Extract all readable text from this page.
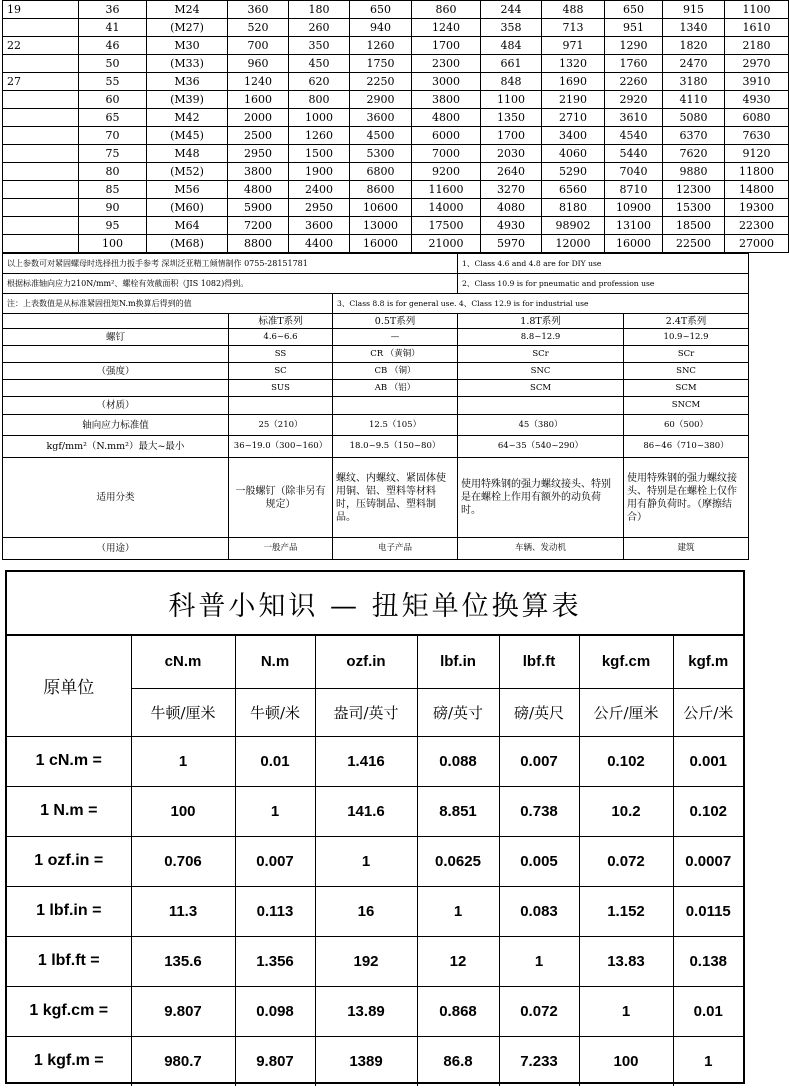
19	36	M24	360	180	650	860	244	488	650	915	1100
	41	(M27)	520	260	940	1240	358	713	951	1340	1610
22	46	M30	700	350	1260	1700	484	971	1290	1820	2180
	50	(M33)	960	450	1750	2300	661	1320	1760	2470	2970
27	55	M36	1240	620	2250	3000	848	1690	2260	3180	3910
	60	(M39)	1600	800	2900	3800	1100	2190	2920	4110	4930
	65	M42	2000	1000	3600	4800	1350	2710	3610	5080	6080
	70	(M45)	2500	1260	4500	6000	1700	3400	4540	6370	7630
	75	M48	2950	1500	5300	7000	2030	4060	5440	7620	9120
	80	(M52)	3800	1900	6800	9200	2640	5290	7040	9880	11800
	85	M56	4800	2400	8600	11600	3270	6560	8710	12300	14800
	90	(M60)	5900	2950	10600	14000	4080	8180	10900	15300	19300
	95	M64	7200	3600	13000	17500	4930	98902	13100	18500	22300
	100	(M68)	8800	4400	16000	21000	5970	12000	16000	22500	27000
以上参数可对紧固螺母时选择扭力扳手参考 深圳泛亚精工倾情制作 0755-28151781			1、Class 4.6 and 4.8 are for DIY use	
根据标准轴向应力210N/mm²、螺栓有效截面积（JIS 1082)得到。			2、Class 10.9 is for pneumatic and profession use	
注：上表数值是从标准紧固扭矩N.m换算后得到的值		3、Class 8.8 is for general use. 4、Class 12.9 is for industrial use		
	标准T系列	0.5T系列	1.8T系列	2.4T系列
螺钉	4.6~6.6	—	8.8~12.9	10.9~12.9
	SS	CR （黄铜）	SCr	SCr
（强度）	SC	CB （铜）	SNC	SNC
	SUS	AB （铝）	SCM	SCM
（材质）				SNCM
轴向应力标准值	25（210）	12.5（105）	45（380）	60（500）
kgf/mm²（N.mm²）最大~最小	36~19.0（300~160）	18.0~9.5（150~80）	64~35（540~290）	86~46（710~380）
适用分类	一般螺钉（除非另有规定）	螺纹、内螺纹、紧固体使用铜、铝、塑料等材料时，压铸制品、塑料制品。	使用特殊钢的强力螺纹接头、特别是在螺栓上作用有额外的动负荷时。	使用特殊钢的强力螺纹接头、特别是在螺栓上仅作用有静负荷时。（摩擦结合）
（用途）	一般产品	电子产品	车辆、发动机	建筑
科普小知识 — 扭矩单位换算表
原单位	cN.m	N.m	ozf.in	lbf.in	lbf.ft	kgf.cm	kgf.m
	牛顿/厘米	牛顿/米	盎司/英寸	磅/英寸	磅/英尺	公斤/厘米	公斤/米
1 cN.m =	1	0.01	1.416	0.088	0.007	0.102	0.001
1 N.m =	100	1	141.6	8.851	0.738	10.2	0.102
1 ozf.in =	0.706	0.007	1	0.0625	0.005	0.072	0.0007
1 lbf.in =	11.3	0.113	16	1	0.083	1.152	0.0115
1 lbf.ft =	135.6	1.356	192	12	1	13.83	0.138
1 kgf.cm =	9.807	0.098	13.89	0.868	0.072	1	0.01
1 kgf.m =	980.7	9.807	1389	86.8	7.233	100	1
